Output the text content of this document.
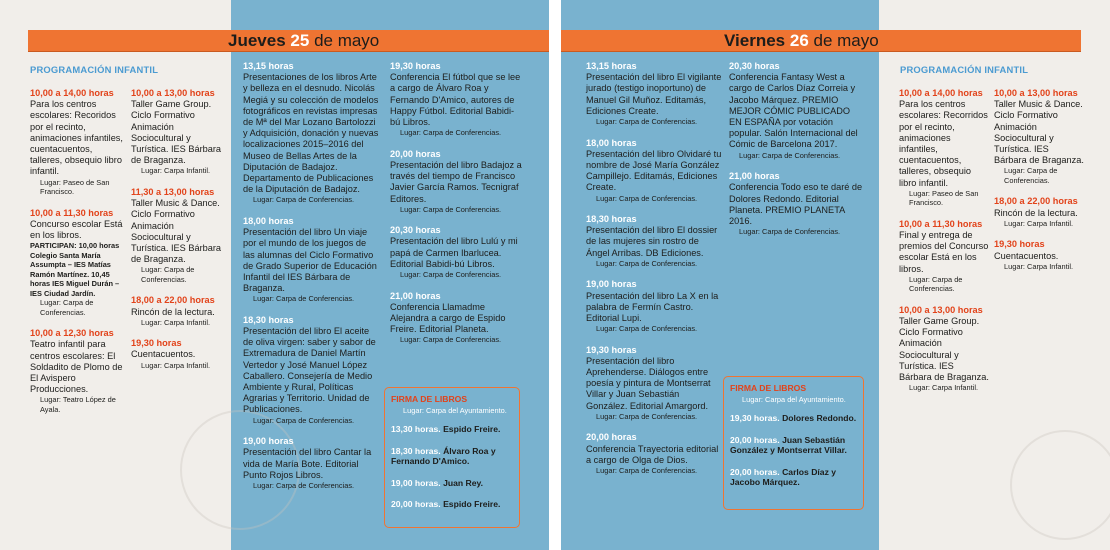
Jueves 25 de mayo	Viernes 26 de mayo
PROGRAMACIÓN INFANTIL	PROGRAMACIÓN INFANTIL
10,00 a 14,00 horas
Para los centros escolares: Recoridos por el recinto, animaciones infantiles, cuentacuentos, talleres, obsequio libro infantil.
Lugar: Paseo de San Francisco.
10,00 a 11,30 horas
Concurso escolar Está en los libros.
PARTICIPAN: 10,00 horas Colegio Santa María Assumpta – IES Matías Ramón Martínez. 10,45 horas IES Miguel Durán – IES Ciudad Jardín.
Lugar: Carpa de Conferencias.
10,00 a 12,30 horas
Teatro infantil para centros escolares: El Soldadito de Plomo de El Avispero Producciones.
Lugar: Teatro López de Ayala.
10,00 a 13,00 horas
Taller Game Group. Ciclo Formativo Animación Sociocultural y Turística. IES Bárbara de Braganza.
Lugar: Carpa Infantil.
11,30 a 13,00 horas
Taller Music & Dance. Ciclo Formativo Animación Sociocultural y Turística. IES Bárbara de Braganza.
Lugar: Carpa de Conferencias.
18,00 a 22,00 horas
Rincón de la lectura.
Lugar: Carpa Infantil.
19,30 horas
Cuentacuentos.
Lugar: Carpa Infantil.
13,15 horas
Presentaciones de los libros Arte y belleza en el desnudo. Nicolás Megiá y su colección de modelos fotográficos en revistas impresas de Mª del Mar Lozano Bartolozzi y Adquisición, donación y nuevas localizaciones 2015–2016 del Museo de Bellas Artes de la Diputación de Badajoz. Departamento de Publicaciones de la Diputación de Badajoz.
Lugar: Carpa de Conferencias.
18,00 horas
Presentación del libro Un viaje por el mundo de los juegos de las alumnas del Ciclo Formativo de Grado Superior de Educación Infantil del IES Bárbara de Braganza.
Lugar: Carpa de Conferencias.
18,30 horas
Presentación del libro El aceite de oliva virgen: saber y sabor de Extremadura de Daniel Martín Vertedor y José Manuel López Caballero. Consejería de Medio Ambiente y Rural, Políticas Agrarias y Territorio. Unidad de Publicaciones.
Lugar: Carpa de Conferencias.
19,00 horas
Presentación del libro Cantar la vida de María Bote. Editorial Punto Rojos Libros.
Lugar: Carpa de Conferencias.
19,30 horas
Conferencia El fútbol que se lee a cargo de Álvaro Roa y Fernando D'Amico, autores de Happy Fútbol. Editorial Babidi-bú Libros.
Lugar: Carpa de Conferencias.
20,00 horas
Presentación del libro Badajoz a través del tiempo de Francisco Javier García Ramos. Tecnigraf Editores.
Lugar: Carpa de Conferencias.
20,30 horas
Presentación del libro Lulú y mi papá de Carmen Ibarlucea. Editorial Babidi-bú Libros.
Lugar: Carpa de Conferencias.
21,00 horas
Conferencia Llamadme Alejandra a cargo de Espido Freire. Editorial Planeta.
Lugar: Carpa de Conferencias.
13,15 horas
Presentación del libro El vigilante jurado (testigo inoportuno) de Manuel Gil Muñoz. Editamás, Ediciones Create.
Lugar: Carpa de Conferencias.
18,00 horas
Presentación del libro Olvidaré tu nombre de José María González Campillejo. Editamás, Ediciones Create.
Lugar: Carpa de Conferencias.
18,30 horas
Presentación del libro El dossier de las mujeres sin rostro de Ángel Arribas. DB Ediciones.
Lugar: Carpa de Conferencias.
19,00 horas
Presentación del libro La X en la palabra de Fermín Castro. Editorial Lupi.
Lugar: Carpa de Conferencias.
19,30 horas
Presentación del libro Aprehenderse. Diálogos entre poesía y pintura de Montserrat Villar y Juan Sebastián González. Editorial Amargord.
Lugar: Carpa de Conferencias.
20,00 horas
Conferencia Trayectoria editorial a cargo de Olga de Dios.
Lugar: Carpa de Conferencias.
20,30 horas
Conferencia Fantasy West a cargo de Carlos Díaz Correia y Jacobo Márquez. PREMIO MEJOR CÓMIC PUBLICADO EN ESPAÑA por votación popular. Salón Internacional del Cómic de Barcelona 2017.
Lugar: Carpa de Conferencias.
21,00 horas
Conferencia Todo eso te daré de Dolores Redondo. Editorial Planeta. PREMIO PLANETA 2016.
Lugar: Carpa de Conferencias.
10,00 a 14,00 horas
Para los centros escolares: Recorridos por el recinto, animaciones infantiles, cuentacuentos, talleres, obsequio libro infantil.
Lugar: Paseo de San Francisco.
10,00 a 11,30 horas
Final y entrega de premios del Concurso escolar Está en los libros.
Lugar: Carpa de Conferencias.
10,00 a 13,00 horas
Taller Game Group. Ciclo Formativo Animación Sociocultural y Turística. IES Bárbara de Braganza.
Lugar: Carpa Infantil.
10,00 a 13,00 horas
Taller Music & Dance. Ciclo Formativo Animación Sociocultural y Turística. IES Bárbara de Braganza.
Lugar: Carpa de Conferencias.
18,00 a 22,00 horas
Rincón de la lectura.
Lugar: Carpa Infantil.
19,30 horas
Cuentacuentos.
Lugar: Carpa Infantil.
FIRMA DE LIBROS
Lugar: Carpa del Ayuntamiento.
13,30 horas. Espido Freire.
18,30 horas. Álvaro Roa y Fernando D'Amico.
19,00 horas. Juan Rey.
20,00 horas. Espido Freire.
FIRMA DE LIBROS
Lugar: Carpa del Ayuntamiento.
19,30 horas. Dolores Redondo.
20,00 horas. Juan Sebastián González y Montserrat Villar.
20,00 horas. Carlos Díaz y Jacobo Márquez.
